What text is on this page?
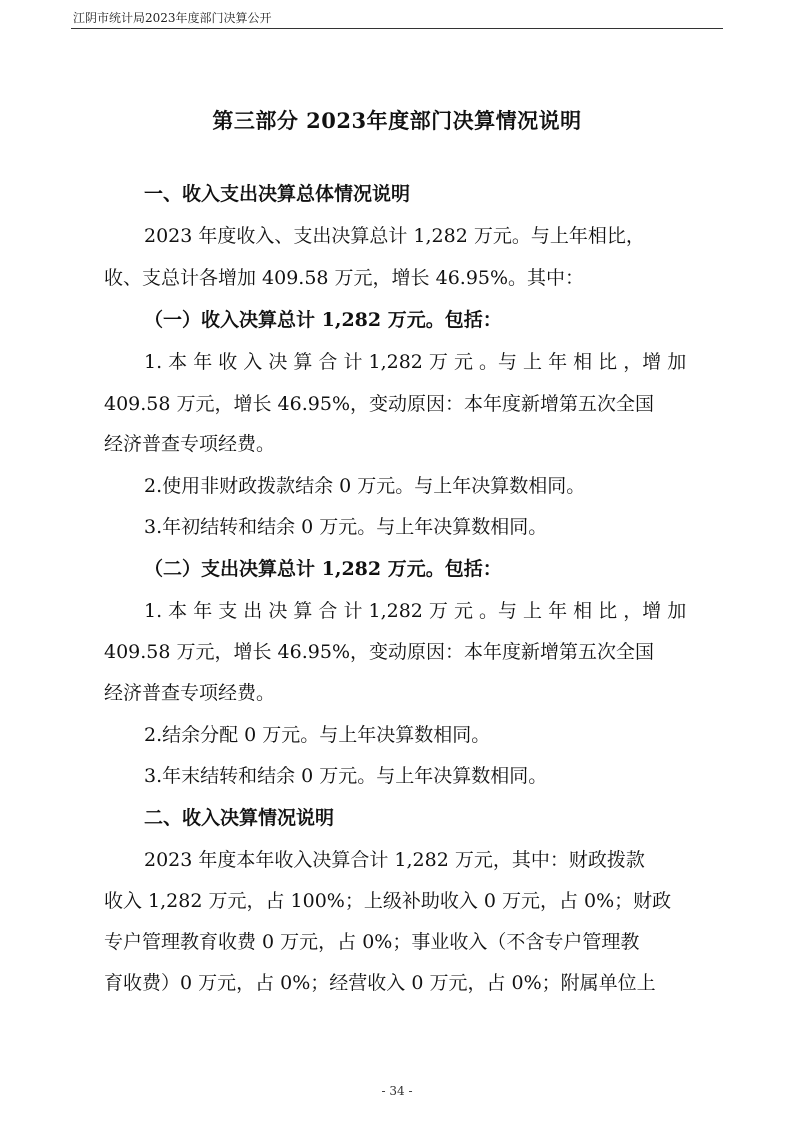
江阴市统计局2023年度部门决算公开
第三部分 2023年度部门决算情况说明
一、收入支出决算总体情况说明
2023 年度收入、支出决算总计 1,282 万元。与上年相比，
收、支总计各增加 409.58 万元，增长 46.95%。其中：
（一）收入决算总计 1,282 万元。包括：
1. 本 年 收 入 决 算 合 计 1,282 万 元 。与 上 年 相 比 ，增 加
409.58 万元，增长 46.95%，变动原因：本年度新增第五次全国
经济普查专项经费。
2.使用非财政拨款结余 0 万元。与上年决算数相同。
3.年初结转和结余 0 万元。与上年决算数相同。
（二）支出决算总计 1,282 万元。包括：
1. 本 年 支 出 决 算 合 计 1,282 万 元 。与 上 年 相 比 ，增 加
409.58 万元，增长 46.95%，变动原因：本年度新增第五次全国
经济普查专项经费。
2.结余分配 0 万元。与上年决算数相同。
3.年末结转和结余 0 万元。与上年决算数相同。
二、收入决算情况说明
2023 年度本年收入决算合计 1,282 万元，其中：财政拨款
收入 1,282 万元，占 100%；上级补助收入 0 万元，占 0%；财政
专户管理教育收费 0 万元，占 0%；事业收入（不含专户管理教
育收费）0 万元，占 0%；经营收入 0 万元，占 0%；附属单位上
- 34 -
